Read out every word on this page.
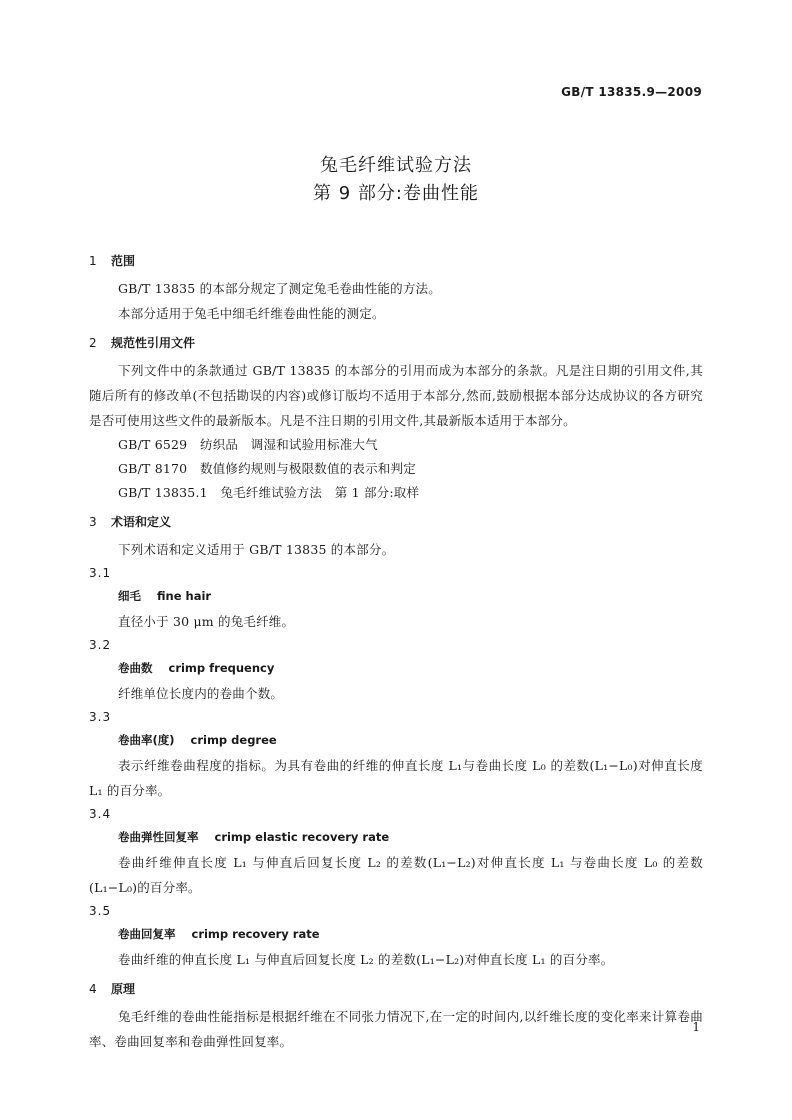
GB/T 13835.9—2009
兔毛纤维试验方法
第 9 部分:卷曲性能
1 范围
GB/T 13835 的本部分规定了测定兔毛卷曲性能的方法。
本部分适用于兔毛中细毛纤维卷曲性能的测定。
2 规范性引用文件
下列文件中的条款通过 GB/T 13835 的本部分的引用而成为本部分的条款。凡是注日期的引用文件,其随后所有的修改单(不包括勘误的内容)或修订版均不适用于本部分,然而,鼓励根据本部分达成协议的各方研究是否可使用这些文件的最新版本。凡是不注日期的引用文件,其最新版本适用于本部分。
GB/T 6529　纺织品　调湿和试验用标准大气
GB/T 8170　数值修约规则与极限数值的表示和判定
GB/T 13835.1　兔毛纤维试验方法　第 1 部分:取样
3 术语和定义
下列术语和定义适用于 GB/T 13835 的本部分。
3.1
细毛 fine hair
直径小于 30 μm 的兔毛纤维。
3.2
卷曲数 crimp frequency
纤维单位长度内的卷曲个数。
3.3
卷曲率(度) crimp degree
表示纤维卷曲程度的指标。为具有卷曲的纤维的伸直长度 L₁与卷曲长度 L₀ 的差数(L₁−L₀)对伸直长度 L₁ 的百分率。
3.4
卷曲弹性回复率 crimp elastic recovery rate
卷曲纤维伸直长度 L₁ 与伸直后回复长度 L₂ 的差数(L₁−L₂)对伸直长度 L₁ 与卷曲长度 L₀ 的差数(L₁−L₀)的百分率。
3.5
卷曲回复率 crimp recovery rate
卷曲纤维的伸直长度 L₁ 与伸直后回复长度 L₂ 的差数(L₁−L₂)对伸直长度 L₁ 的百分率。
4 原理
兔毛纤维的卷曲性能指标是根据纤维在不同张力情况下,在一定的时间内,以纤维长度的变化率来计算卷曲率、卷曲回复率和卷曲弹性回复率。
1
